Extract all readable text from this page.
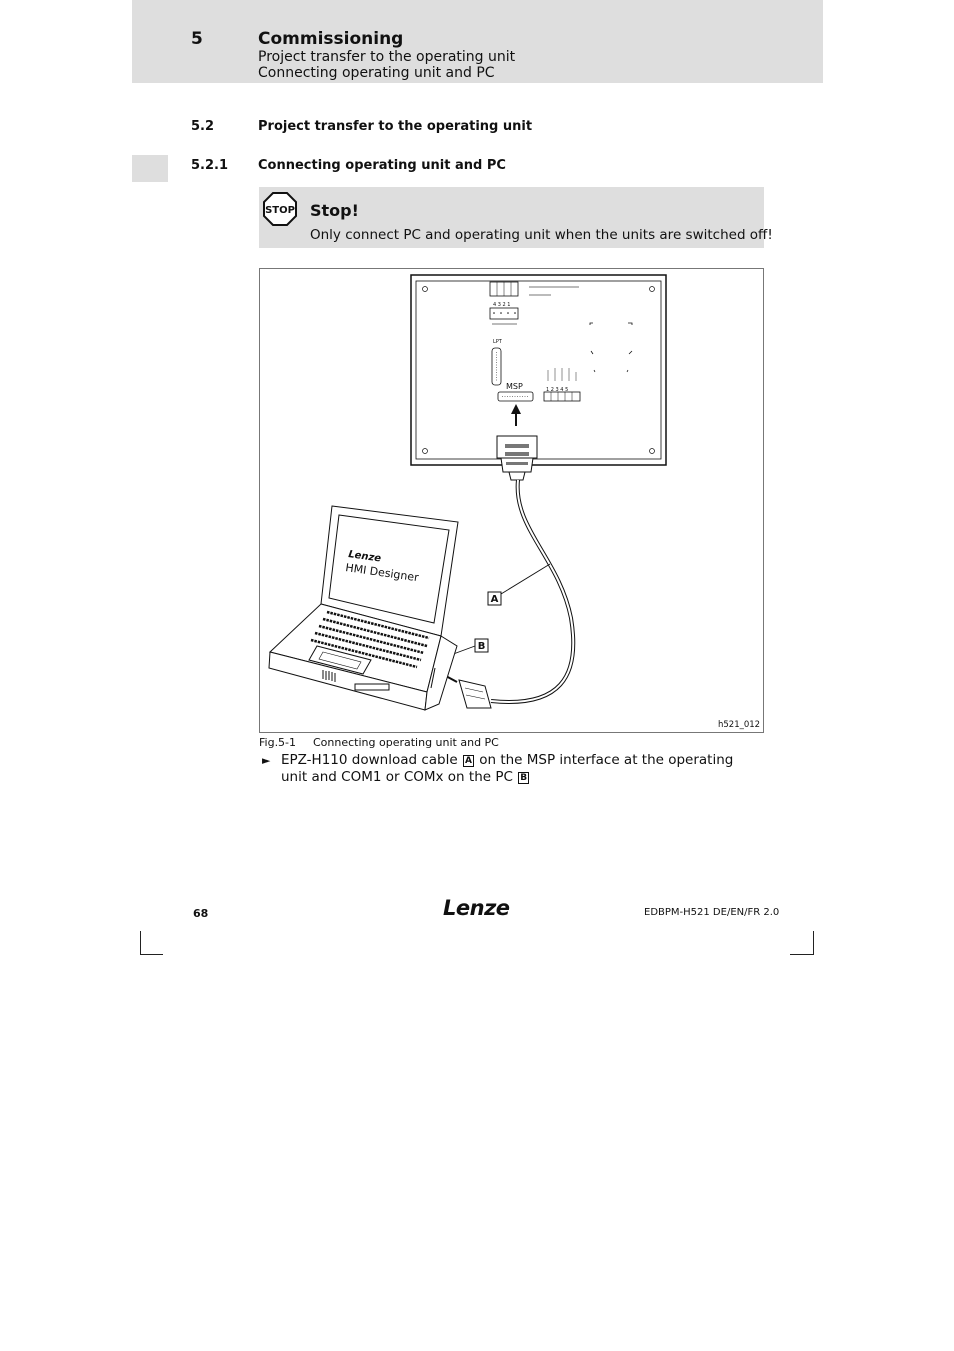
5	Commissioning
Project transfer to the operating unit
Connecting operating unit and PC
5.2	Project transfer to the operating unit
5.2.1 Connecting operating unit and PC
STOP Stop!
Only connect PC and operating unit when the units are switched off!
4 3 2 1
LPT
MSP	1 2 3 4 5
A
B
Lenze
HMI Designer
h521_012
Fig.5-1 Connecting operating unit and PC
► EPZ-H110 download cable A on the MSP interface at the operating unit and COM1 or COMx on the PC B
68	Lenze	EDBPM-H521 DE/EN/FR 2.0
